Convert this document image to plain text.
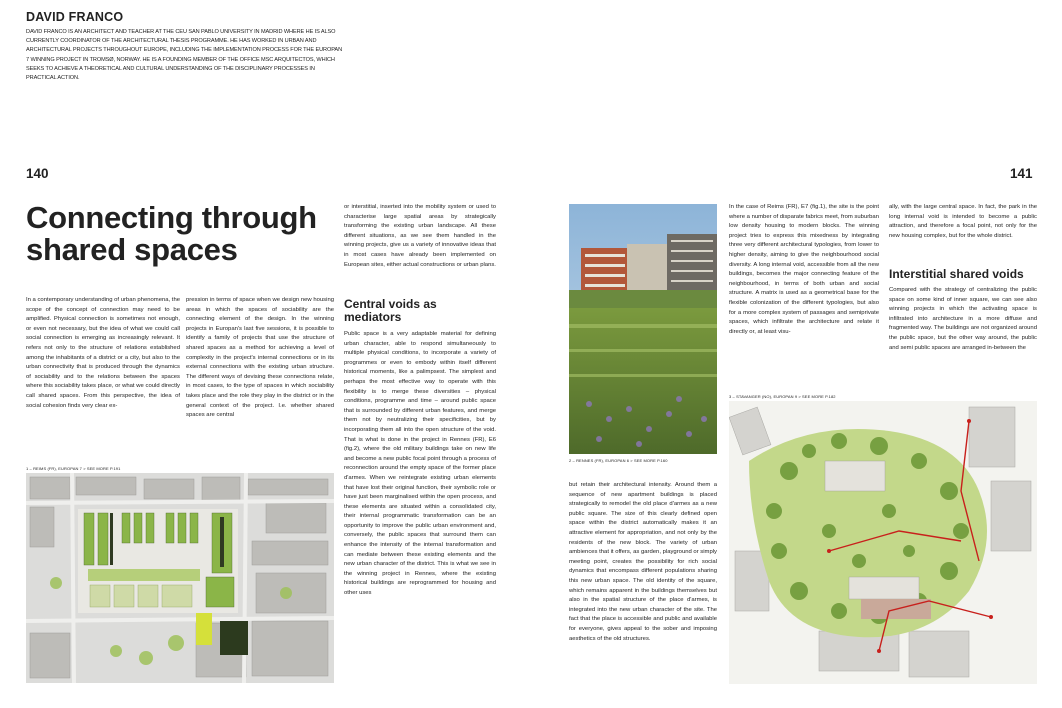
DAVID FRANCO
DAVID FRANCO IS AN ARCHITECT AND TEACHER AT THE CEU SAN PABLO UNIVERSITY IN MADRID WHERE HE IS ALSO CURRENTLY COORDINATOR OF THE ARCHITECTURAL THESIS PROGRAMME. HE HAS WORKED IN URBAN AND ARCHITECTURAL PROJECTS THROUGHOUT EUROPE, INCLUDING THE IMPLEMENTATION PROCESS FOR THE EUROPAN 7 WINNING PROJECT IN TROMSØ, NORWAY. HE IS A FOUNDING MEMBER OF THE OFFICE MSC ARQUITECTOS, WHICH SEEKS TO ACHIEVE A THEORETICAL AND CULTURAL UNDERSTANDING OF THE DISCIPLINARY PROCESSES IN PRACTICAL ACTION.
140	141
Connecting through shared spaces
In a contemporary understanding of urban phenomena, the scope of the concept of connection may need to be amplified. Physical connection is sometimes not enough, or even not necessary, but the idea of what we could call social connection is emerging as increasingly relevant. It refers not only to the structure of relations established among the inhabitants of a district or a city, but also to the urban connectivity that is produced through the dynamics of sociability and to the relations between the spaces where this sociability takes place, or what we could directly call shared spaces. From this perspective, the idea of social cohesion finds very clear ex-
pression in terms of space when we design new housing areas in which the spaces of sociability are the connecting element of the design. In the winning projects in Europan's last five sessions, it is possible to identify a family of projects that use the structure of shared spaces as a method for achieving a level of complexity in the project's internal connections or in its external connections with the existing urban structure. The different ways of devising these connections relate, in most cases, to the type of spaces in which sociability takes place and the role they play in the district or in the general context of the project. I.e. whether shared spaces are central
or interstitial, inserted into the mobility system or used to characterise large spatial areas by strategically transforming the existing urban landscape. All these different situations, as we see them handled in the winning projects, give us a variety of innovative ideas that in most cases have already been implemented on European sites, either actual constructions or urban plans.
Central voids as mediators
Public space is a very adaptable material for defining urban character, able to respond simultaneously to multiple physical conditions, to incorporate a variety of programmes or even to embody within itself different historical moments, like a palimpsest. The simplest and perhaps the most effective way to operate with this flexibility is to merge these diversities – physical conditions, programme and time – around public space that is surrounded by different urban features, and merge them not by neutralizing their specificities, but by incorporating them all into the open structure of the void. That is what is done in the project in Rennes (FR), E6 (fig.2), where the old military buildings take on new life and become a new public focal point through a process of reconnection around the empty space of the former place d'armes. When we reintegrate existing urban elements that have lost their original function, their symbolic role or have just been marginalised within the open process, and these elements are situated within a consolidated city, their internal programmatic transformation can be an opportunity to improve the public urban environment and, conversely, the public spaces that surround them can enhance the intensity of the internal transformation and can mediate between these existing elements and the new urban character of the district. This is what we see in the winning project in Rennes, where the existing historical buildings are reprogrammed for housing and other uses
1 – REIMS (FR), EUROPAN 7 > SEE MORE P.191
2 – RENNES (FR), EUROPAN 6 > SEE MORE P.160
but retain their architectural intensity. Around them a sequence of new apartment buildings is placed strategically to remodel the old place d'armes as a new public square. The size of this clearly defined open space within the district automatically makes it an attractive element for appropriation, and not only by the residents of the new block. The variety of urban ambiences that it offers, as garden, playground or simply meeting point, creates the possibility for rich social dynamics that encompass different populations sharing this new urban space. The old identity of the square, which remains apparent in the buildings themselves but also in the spatial structure of the place d'armes, is integrated into the new urban character of the site. The fact that the place is accessible and public and available for everyone, gives appeal to the sober and imposing aesthetics of the old structures.
In the case of Reims (FR), E7 (fig.1), the site is the point where a number of disparate fabrics meet, from suburban low density housing to modern blocks. The winning project tries to express this mixedness by integrating three very different architectural typologies, from lower to higher density, aiming to give the neighbourhood social diversity. A long internal void, accessible from all the new buildings, becomes the major connecting feature of the neighbourhood, in terms of both urban and social structure. A matrix is used as a geometrical base for the flexible colonization of the different typologies, but also for a more complex system of passages and semiprivate spaces, which infiltrate the architecture and relate it directly or, at least visu-
ally, with the large central space. In fact, the park in the long internal void is intended to become a public attraction, and therefore a focal point, not only for the new housing complex, but for the whole district.
Interstitial shared voids
Compared with the strategy of centralizing the public space on some kind of inner square, we can see also winning projects in which the activating space is infiltrated into architecture in a more diffuse and fragmented way. The buildings are not organized around the public space, but the other way around, the public and semi public spaces are arranged in-between the
3 – STAVANGER (NO), EUROPAN 9 > SEE MORE P.182
